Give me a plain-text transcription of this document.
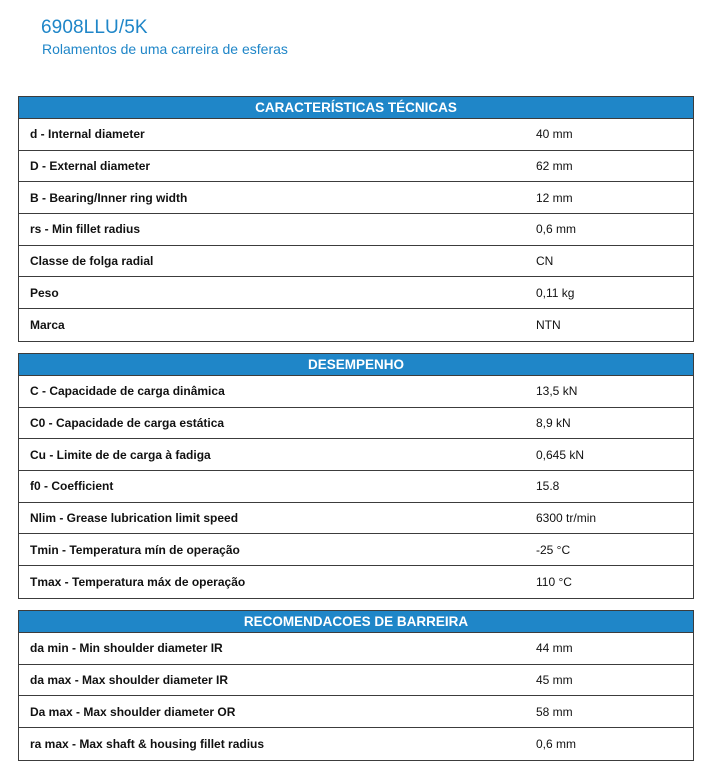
6908LLU/5K
Rolamentos de uma carreira de esferas
CARACTERÍSTICAS TÉCNICAS
d - Internal diameter	40 mm
D - External diameter	62 mm
B - Bearing/Inner ring width	12 mm
rs - Min fillet radius	0,6 mm
Classe de folga radial	CN
Peso	0,11 kg
Marca	NTN
DESEMPENHO
C - Capacidade de carga dinâmica	13,5 kN
C0 - Capacidade de carga estática	8,9 kN
Cu - Limite de de carga à fadiga	0,645 kN
f0 - Coefficient	15.8
Nlim - Grease lubrication limit speed	6300 tr/min
Tmin - Temperatura mín de operação	-25 °C
Tmax - Temperatura máx de operação	110 °C
RECOMENDACOES DE BARREIRA
da min - Min shoulder diameter IR	44 mm
da max - Max shoulder diameter IR	45 mm
Da max - Max shoulder diameter OR	58 mm
ra max - Max shaft & housing fillet radius	0,6 mm
